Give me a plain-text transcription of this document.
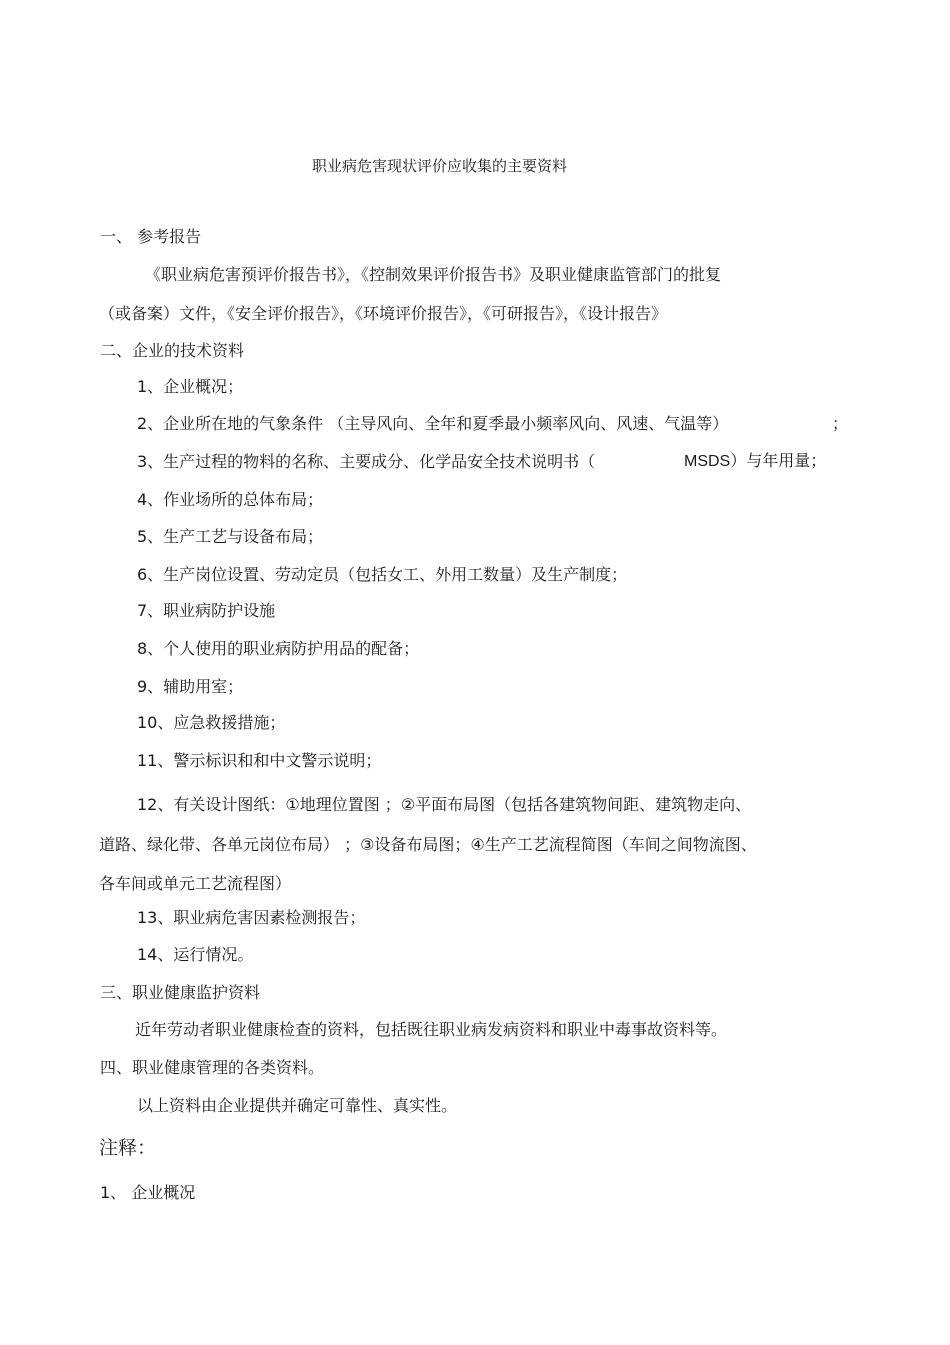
职业病危害现状评价应收集的主要资料
一、 参考报告
《职业病危害预评价报告书》，《控制效果评价报告书》及职业健康监管部门的批复
（或备案）文件，《安全评价报告》，《环境评价报告》，《可研报告》，《设计报告》
二、企业的技术资料
1、企业概况；
2、企业所在地的气象条件 （主导风向、全年和夏季最小频率风向、风速、气温等）	；
3、生产过程的物料的名称、主要成分、化学品安全技术说明书（	MSDS）与年用量；
4、作业场所的总体布局；
5、生产工艺与设备布局；
6、生产岗位设置、劳动定员（包括女工、外用工数量）及生产制度；
7、职业病防护设施
8、个人使用的职业病防护用品的配备；
9、辅助用室；
10、应急救援措施；
11、警示标识和和中文警示说明；
12、有关设计图纸：①地理位置图 ；②平面布局图（包括各建筑物间距、建筑物走向、
道路、绿化带、各单元岗位布局） ；③设备布局图；④生产工艺流程简图（车间之间物流图、
各车间或单元工艺流程图）
13、职业病危害因素检测报告；
14、运行情况。
三、职业健康监护资料
近年劳动者职业健康检查的资料，包括既往职业病发病资料和职业中毒事故资料等。
四、职业健康管理的各类资料。
以上资料由企业提供并确定可靠性、真实性。
注释：
1、 企业概况
